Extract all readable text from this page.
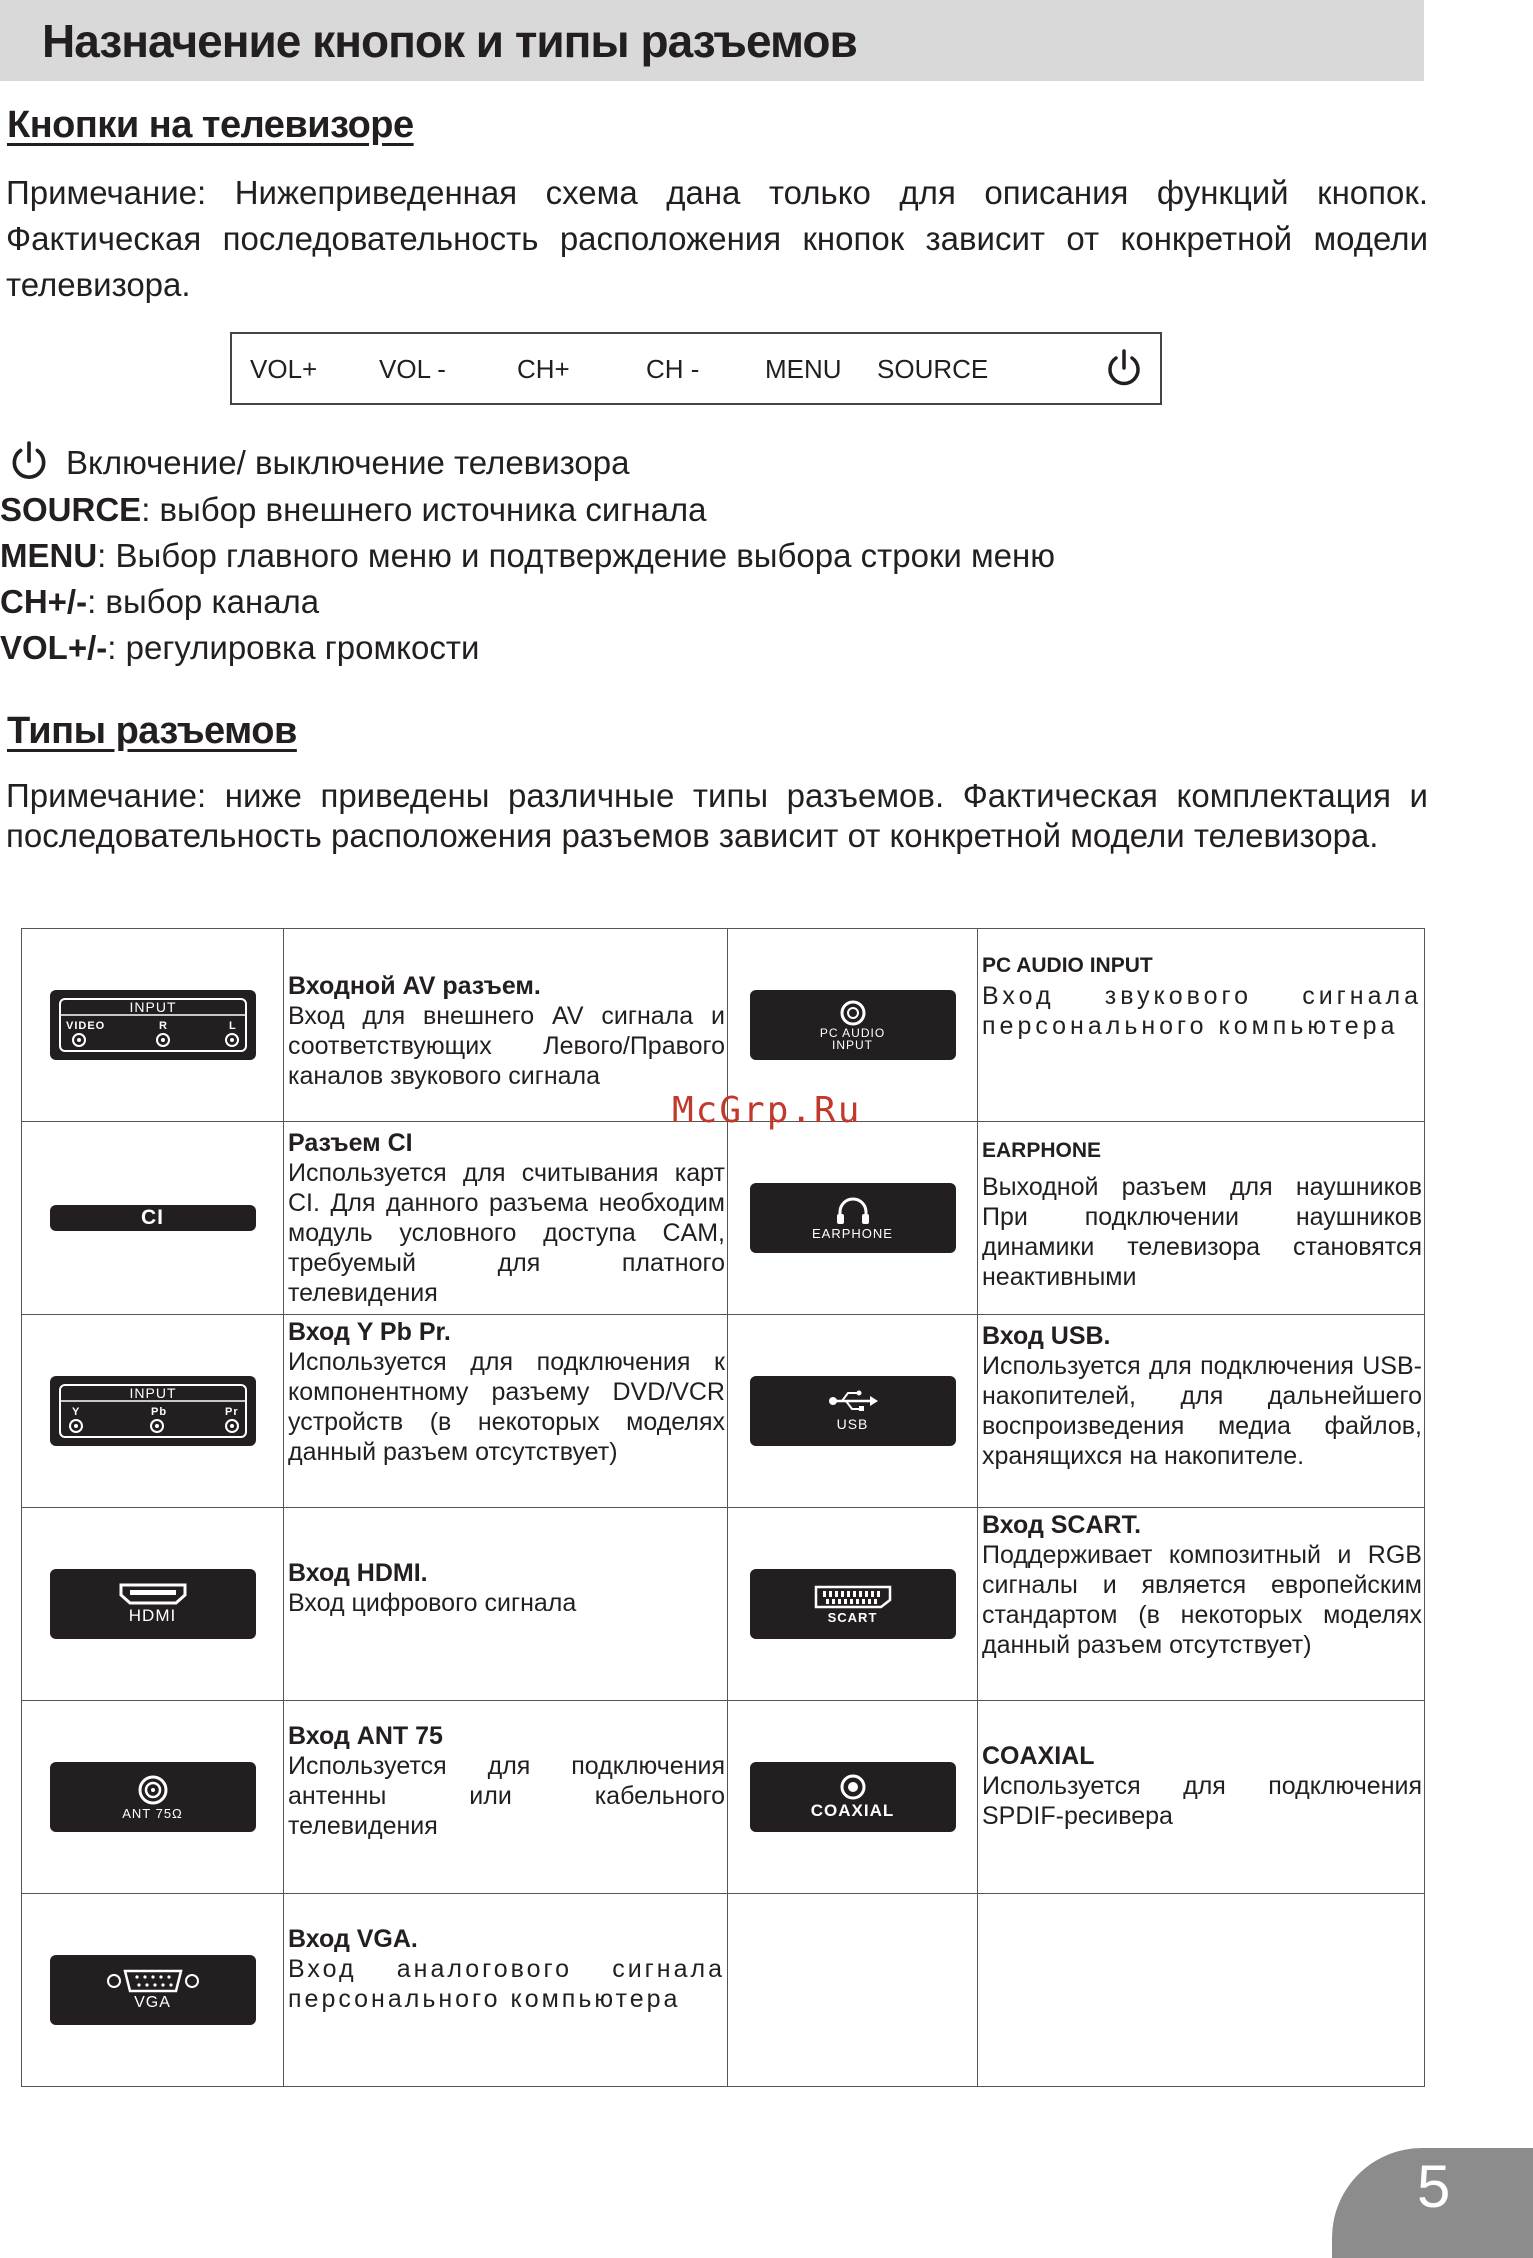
Назначение кнопок и типы разъемов
Кнопки на телевизоре

Примечание: Нижеприведенная схема дана только для описания функций кнопок. Фактическая последовательность расположения кнопок зависит от конкретной модели телевизора.

VOL+ VOL -	CH+	CH -	MENU SOURCE
Включение/ выключение телевизора
SOURCE: выбор внешнего источника сигнала
MENU: Выбор главного меню и подтверждение выбора строки меню
CH+/-: выбор канала
VOL+/-: регулировка громкости
Типы разъемов

Примечание: ниже приведены различные типы разъемов. Фактическая комплектация и последовательность расположения разъемов зависит от конкретной модели телевизора.

INPUT
VIDEO R L	Входной AV разъем.
Вход для внешнего AV сигнала и соответствующих Левого/Правого каналов звукового сигнала	PC AUDIO
INPUT	PC AUDIO INPUT
Вход звукового сигнала персонального компьютера

CI	Разъем CI
Используется для считывания карт CI. Для данного разъема необходим модуль условного доступа CAM, требуемый для платного телевидения	EARPHONE	EARPHONE
Выходной разъем для наушников При подключении наушников динамики телевизора становятся неактивными

INPUT
Y Pb Pr	Вход Y Pb Pr.
Используется для подключения к компонентному разъему DVD/VCR устройств (в некоторых моделях данный разъем отсутствует)	USB	Вход USB.
Используется для подключения USB-накопителей, для дальнейшего воспроизведения медиа файлов, хранящихся на накопителе.

HDMI	Вход HDMI.
Вход цифрового сигнала	SCART	Вход SCART.
Поддерживает композитный и RGB сигналы и является европейским стандартом (в некоторых моделях данный разъем отсутствует)

ANT 75Ω	Вход ANT 75
Используется для подключения антенны или кабельного телевидения	COAXIAL	COAXIAL
Используется для подключения SPDIF-ресивера

VGA	Вход VGA.
Вход аналогового сигнала персонального компьютера		

McGrp.Ru
5
